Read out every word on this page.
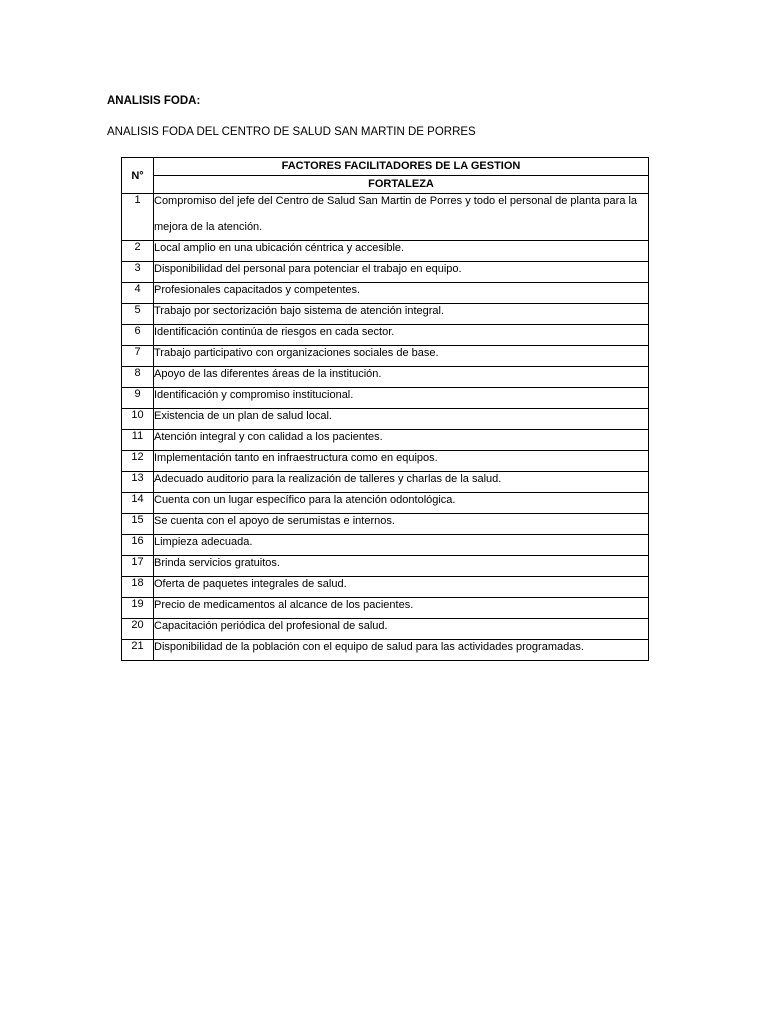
ANALISIS FODA:

ANALISIS FODA DEL CENTRO DE SALUD SAN MARTIN DE PORRES

N°	FACTORES FACILITADORES DE LA GESTION
	FORTALEZA
1	Compromiso del jefe del Centro de Salud San Martin de Porres y todo el personal de planta para la mejora de la atención.

2	Local amplio en una ubicación céntrica y accesible.

3	Disponibilidad del personal para potenciar el trabajo en equipo.

4	Profesionales capacitados y competentes.

5	Trabajo por sectorización bajo sistema de atención integral.

6	Identificación continúa de riesgos en cada sector.

7	Trabajo participativo con organizaciones sociales de base.

8	Apoyo de las diferentes áreas de la institución.

9	Identificación y compromiso institucional.

10	Existencia de un plan de salud local.

11	Atención integral y con calidad a los pacientes.

12	Implementación tanto en infraestructura como en equipos.

13	Adecuado auditorio para la realización de talleres y charlas de la salud.

14	Cuenta con un lugar específico para la atención odontológica.

15	Se cuenta con el apoyo de serumistas e internos.

16	Limpieza adecuada.

17	Brinda servicios gratuitos.

18	Oferta de paquetes integrales de salud.

19	Precio de medicamentos al alcance de los pacientes.

20	Capacitación periódica del profesional de salud.

21	Disponibilidad de la población con el equipo de salud para las actividades programadas.
